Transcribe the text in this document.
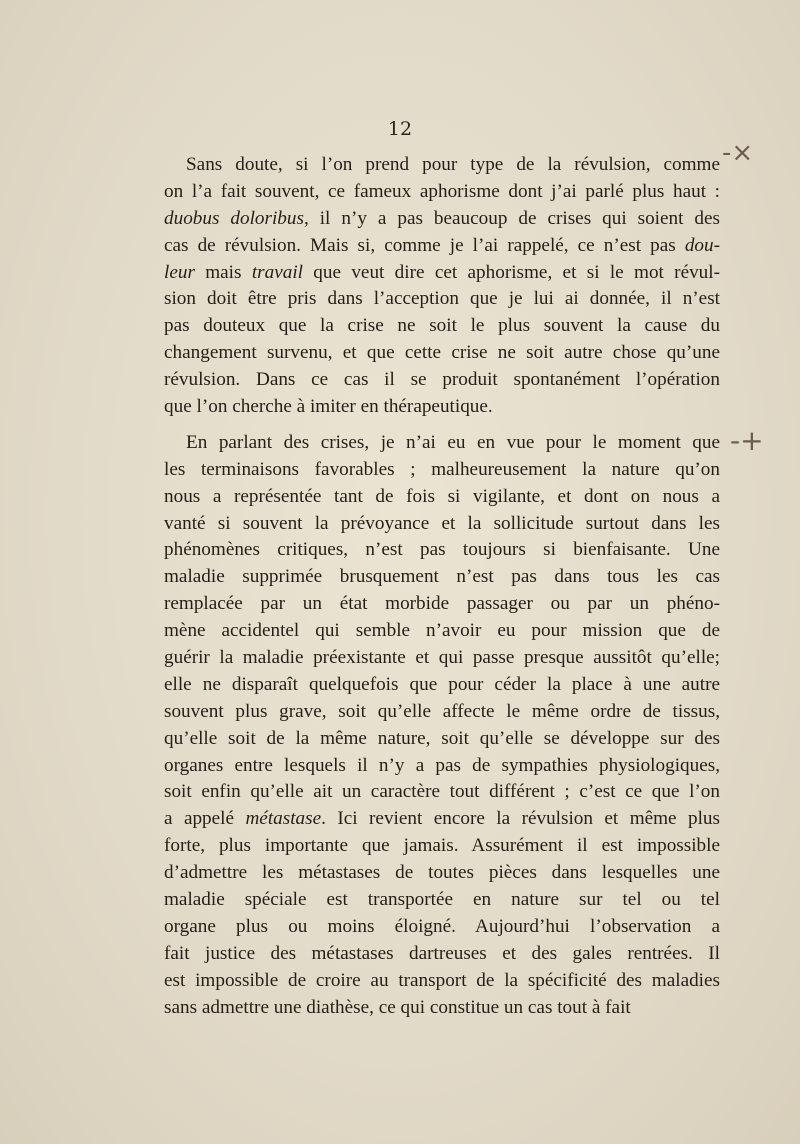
12
-⨯
-+

Sans doute, si l’on prend pour type de la révulsion, comme
on l’a fait souvent, ce fameux aphorisme dont j’ai parlé plus haut :
duobus doloribus, il n’y a pas beaucoup de crises qui soient des
cas de révulsion. Mais si, comme je l’ai rappelé, ce n’est pas dou-
leur mais travail que veut dire cet aphorisme, et si le mot révul-
sion doit être pris dans l’acception que je lui ai donnée, il n’est
pas douteux que la crise ne soit le plus souvent la cause du
changement survenu, et que cette crise ne soit autre chose qu’une
révulsion. Dans ce cas il se produit spontanément l’opération
que l’on cherche à imiter en thérapeutique.

En parlant des crises, je n’ai eu en vue pour le moment que
les terminaisons favorables ; malheureusement la nature qu’on
nous a représentée tant de fois si vigilante, et dont on nous a
vanté si souvent la prévoyance et la sollicitude surtout dans les
phénomènes critiques, n’est pas toujours si bienfaisante. Une
maladie supprimée brusquement n’est pas dans tous les cas
remplacée par un état morbide passager ou par un phéno-
mène accidentel qui semble n’avoir eu pour mission que de
guérir la maladie préexistante et qui passe presque aussitôt qu’elle;
elle ne disparaît quelquefois que pour céder la place à une autre
souvent plus grave, soit qu’elle affecte le même ordre de tissus,
qu’elle soit de la même nature, soit qu’elle se développe sur des
organes entre lesquels il n’y a pas de sympathies physiologiques,
soit enfin qu’elle ait un caractère tout différent ; c’est ce que l’on
a appelé métastase. Ici revient encore la révulsion et même plus
forte, plus importante que jamais. Assurément il est impossible
d’admettre les métastases de toutes pièces dans lesquelles une
maladie spéciale est transportée en nature sur tel ou tel
organe plus ou moins éloigné. Aujourd’hui l’observation a
fait justice des métastases dartreuses et des gales rentrées. Il
est impossible de croire au transport de la spécificité des maladies
sans admettre une diathèse, ce qui constitue un cas tout à fait
